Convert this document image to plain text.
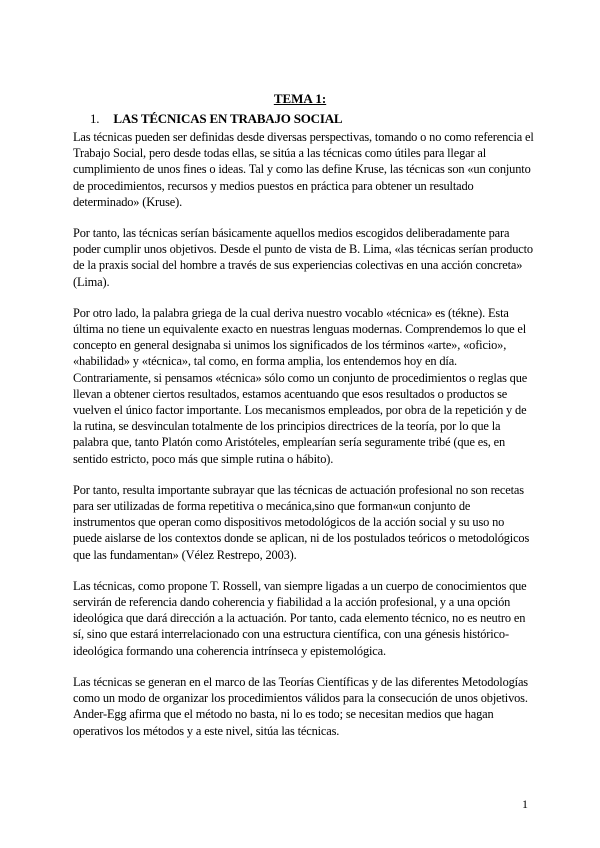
TEMA 1:
1. LAS TÉCNICAS EN TRABAJO SOCIAL

Las técnicas pueden ser definidas desde diversas perspectivas, tomando o no como referencia el Trabajo Social, pero desde todas ellas, se sitúa a las técnicas como útiles para llegar al cumplimiento de unos fines o ideas. Tal y como las define Kruse, las técnicas son «un conjunto de procedimientos, recursos y medios puestos en práctica para obtener un resultado determinado» (Kruse).

Por tanto, las técnicas serían básicamente aquellos medios escogidos deliberadamente para poder cumplir unos objetivos. Desde el punto de vista de B. Lima, «las técnicas serían producto de la praxis social del hombre a través de sus experiencias colectivas en una acción concreta» (Lima).

Por otro lado, la palabra griega de la cual deriva nuestro vocablo «técnica» es (tékne). Esta última no tiene un equivalente exacto en nuestras lenguas modernas. Comprendemos lo que el concepto en general designaba si unimos los significados de los términos «arte», «oficio», «habilidad» y «técnica», tal como, en forma amplia, los entendemos hoy en día. Contrariamente, si pensamos «técnica» sólo como un conjunto de procedimientos o reglas que llevan a obtener ciertos resultados, estamos acentuando que esos resultados o productos se vuelven el único factor importante. Los mecanismos empleados, por obra de la repetición y de la rutina, se desvinculan totalmente de los principios directrices de la teoría, por lo que la palabra que, tanto Platón como Aristóteles, emplearían sería seguramente tribé (que es, en sentido estricto, poco más que simple rutina o hábito).

Por tanto, resulta importante subrayar que las técnicas de actuación profesional no son recetas para ser utilizadas de forma repetitiva o mecánica,sino que forman«un conjunto de instrumentos que operan como dispositivos metodológicos de la acción social y su uso no puede aislarse de los contextos donde se aplican, ni de los postulados teóricos o metodológicos que las fundamentan» (Vélez Restrepo, 2003).

Las técnicas, como propone T. Rossell, van siempre ligadas a un cuerpo de conocimientos que servirán de referencia dando coherencia y fiabilidad a la acción profesional, y a una opción ideológica que dará dirección a la actuación. Por tanto, cada elemento técnico, no es neutro en sí, sino que estará interrelacionado con una estructura científica, con una génesis histórico-ideológica formando una coherencia intrínseca y epistemológica.

Las técnicas se generan en el marco de las Teorías Científicas y de las diferentes Metodologías como un modo de organizar los procedimientos válidos para la consecución de unos objetivos. Ander-Egg afirma que el método no basta, ni lo es todo; se necesitan medios que hagan operativos los métodos y a este nivel, sitúa las técnicas.

1
